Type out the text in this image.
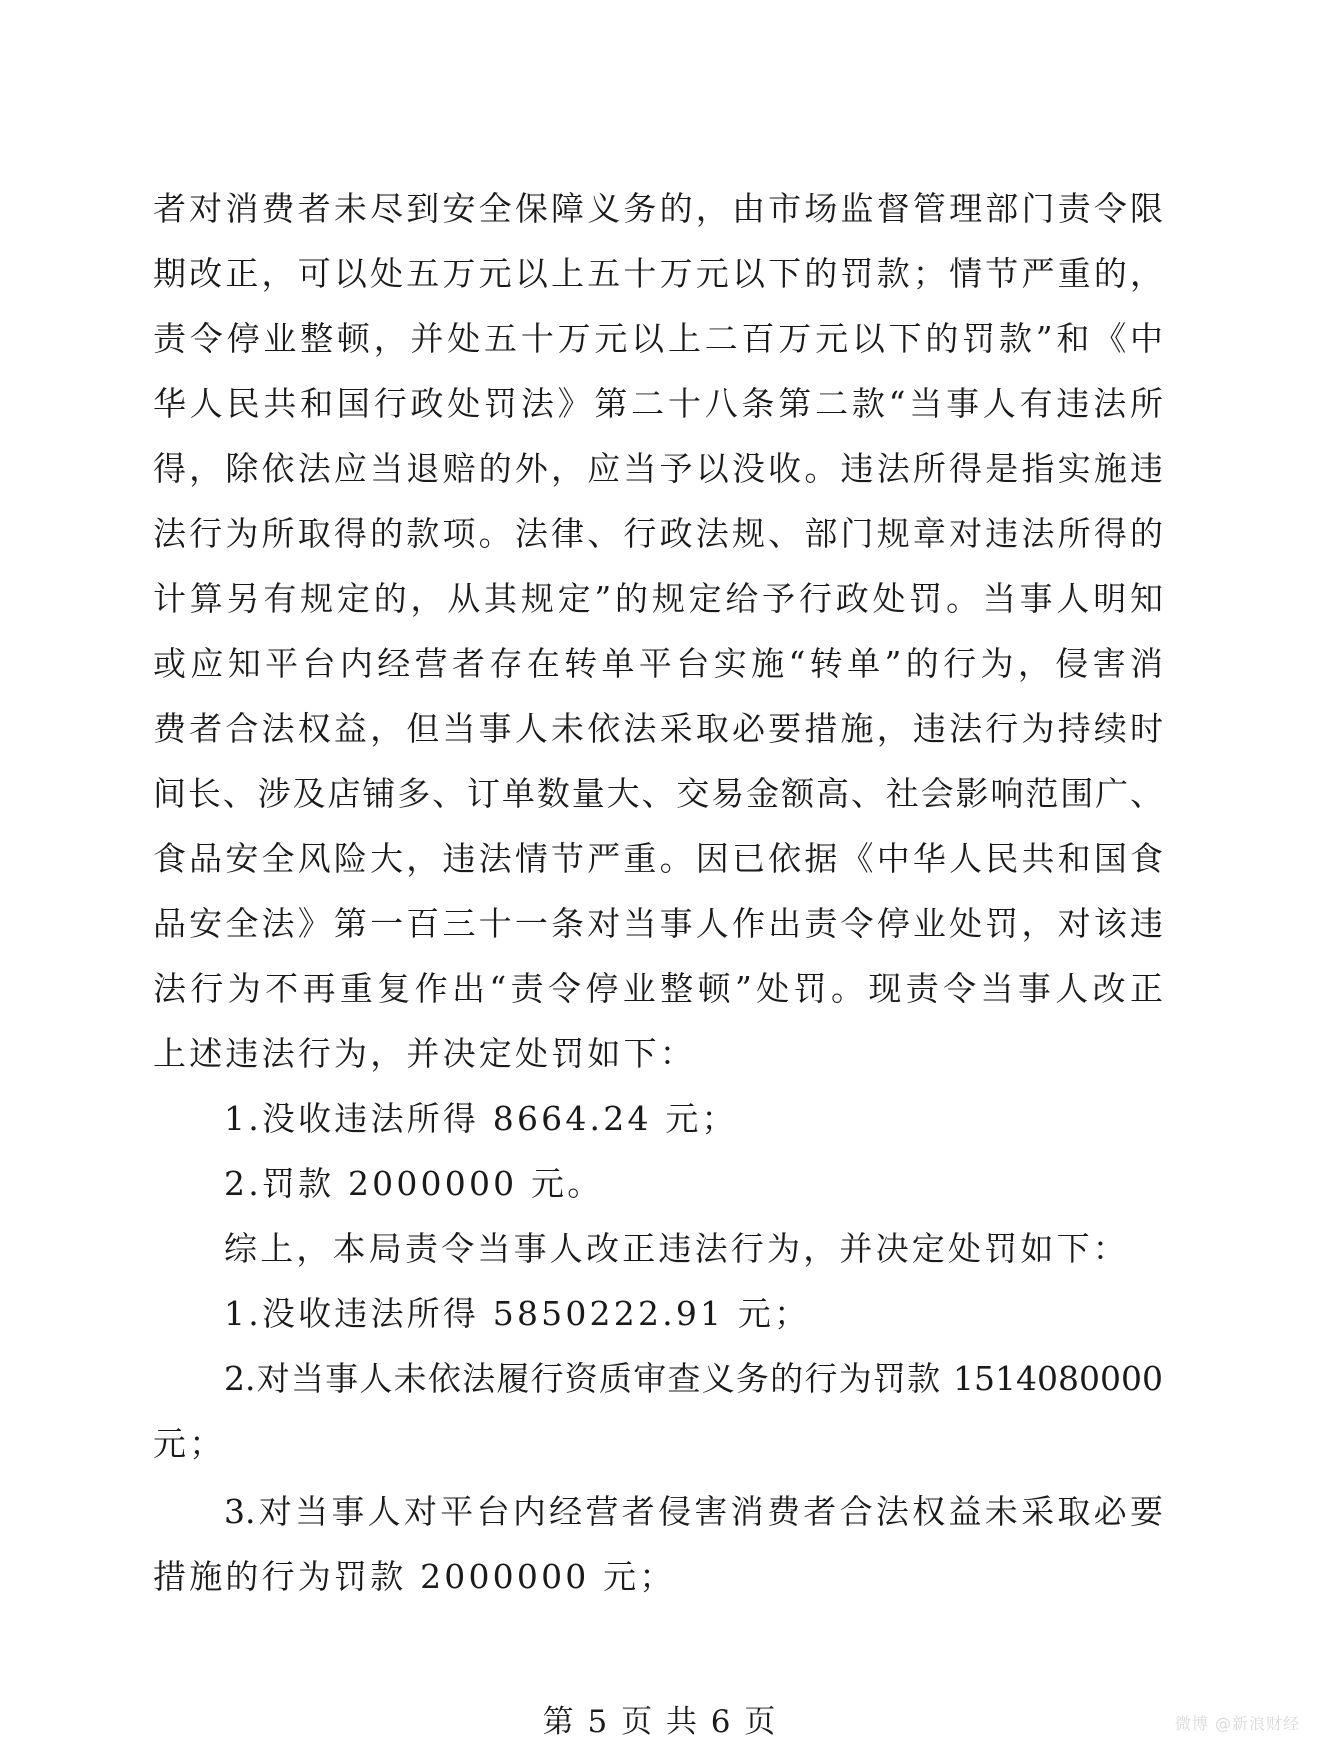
者对消费者未尽到安全保障义务的，由市场监督管理部门责令限
期改正，可以处五万元以上五十万元以下的罚款；情节严重的，
责令停业整顿，并处五十万元以上二百万元以下的罚款”和《中
华人民共和国行政处罚法》第二十八条第二款“当事人有违法所
得，除依法应当退赔的外，应当予以没收。违法所得是指实施违
法行为所取得的款项。法律、行政法规、部门规章对违法所得的
计算另有规定的，从其规定”的规定给予行政处罚。当事人明知
或应知平台内经营者存在转单平台实施“转单”的行为，侵害消
费者合法权益，但当事人未依法采取必要措施，违法行为持续时
间长、涉及店铺多、订单数量大、交易金额高、社会影响范围广、
食品安全风险大，违法情节严重。因已依据《中华人民共和国食
品安全法》第一百三十一条对当事人作出责令停业处罚，对该违
法行为不再重复作出“责令停业整顿”处罚。现责令当事人改正
上述违法行为，并决定处罚如下：
1.没收违法所得 8664.24 元；
2.罚款 2000000 元。
综上，本局责令当事人改正违法行为，并决定处罚如下：
1.没收违法所得 5850222.91 元；
2.对当事人未依法履行资质审查义务的行为罚款 1514080000
元；
3.对当事人对平台内经营者侵害消费者合法权益未采取必要
措施的行为罚款 2000000 元；
第 5 页 共 6 页	微博 @新浪财经
